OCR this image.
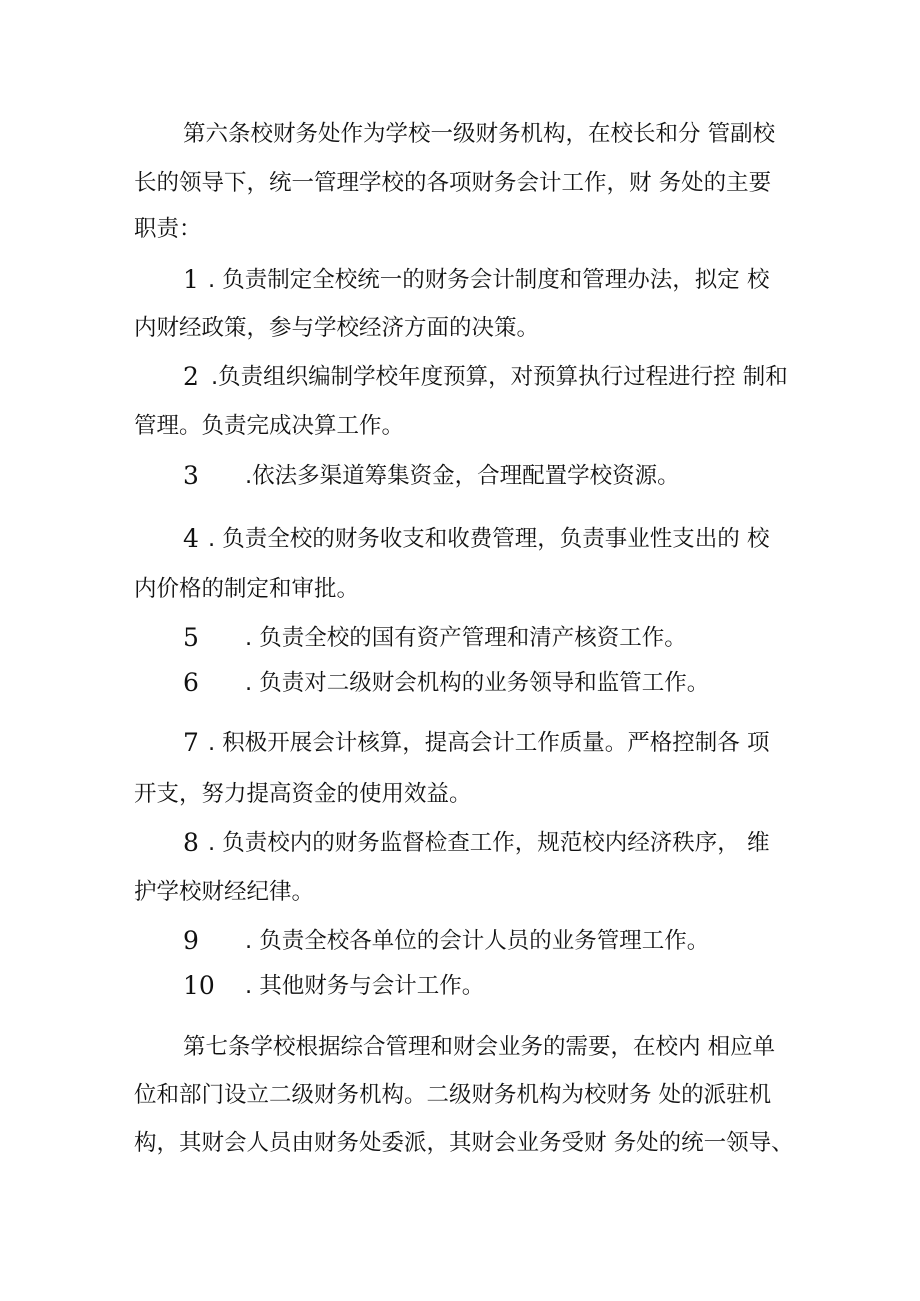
第六条校财务处作为学校一级财务机构，在校长和分 管副校
长的领导下，统一管理学校的各项财务会计工作，财 务处的主要
职责：
1 . 负责制定全校统一的财务会计制度和管理办法，拟定 校
内财经政策，参与学校经济方面的决策。
2 .负责组织编制学校年度预算，对预算执行过程进行控 制和
管理。负责完成决算工作。
3 .依法多渠道筹集资金，合理配置学校资源。
4 . 负责全校的财务收支和收费管理，负责事业性支出的 校
内价格的制定和审批。
5 . 负责全校的国有资产管理和清产核资工作。
6 . 负责对二级财会机构的业务领导和监管工作。
7 . 积极开展会计核算，提高会计工作质量。严格控制各 项
开支，努力提高资金的使用效益。
8 . 负责校内的财务监督检查工作，规范校内经济秩序， 维
护学校财经纪律。
9 . 负责全校各单位的会计人员的业务管理工作。
10 . 其他财务与会计工作。
第七条学校根据综合管理和财会业务的需要，在校内 相应单
位和部门设立二级财务机构。二级财务机构为校财务 处的派驻机
构，其财会人员由财务处委派，其财会业务受财 务处的统一领导、
